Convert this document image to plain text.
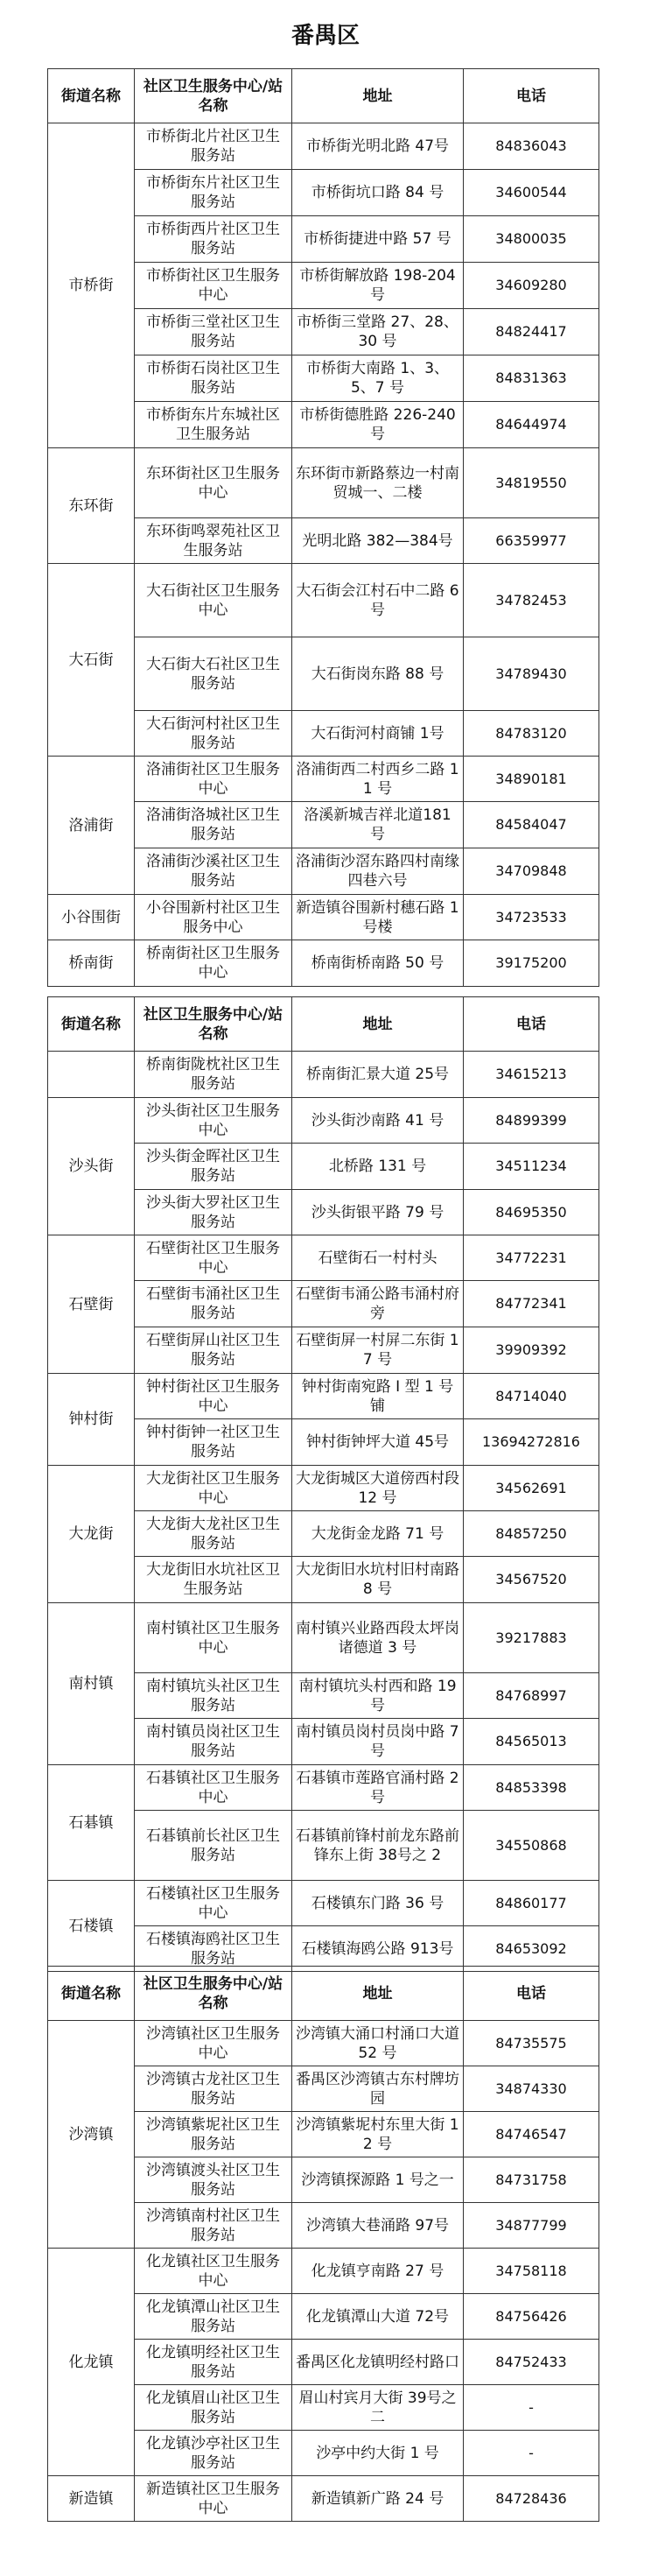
番禺区
街道名称	社区卫生服务中心/站名称	地址	电话
市桥街	市桥街北片社区卫生服务站	市桥街光明北路 47号	84836043
	市桥街东片社区卫生服务站	市桥街坑口路 84 号	34600544
	市桥街西片社区卫生服务站	市桥街捷进中路 57 号	34800035
	市桥街社区卫生服务中心	市桥街解放路 198-204 号	34609280
	市桥街三堂社区卫生服务站	市桥街三堂路 27、28、30 号	84824417
	市桥街石岗社区卫生服务站	市桥街大南路 1、3、5、7 号	84831363
	市桥街东片东城社区卫生服务站	市桥街德胜路 226-240 号	84644974
东环街	东环街社区卫生服务中心	东环街市新路蔡边一村南贸城一、二楼	34819550
	东环街鸣翠苑社区卫生服务站	光明北路 382—384号	66359977
大石街	大石街社区卫生服务中心	大石街会江村石中二路 6 号	34782453
	大石街大石社区卫生服务站	大石街岗东路 88 号	34789430
	大石街河村社区卫生服务站	大石街河村商铺 1号	84783120
洛浦街	洛浦街社区卫生服务中心	洛浦街西二村西乡二路 11 号	34890181
	洛浦街洛城社区卫生服务站	洛溪新城吉祥北道181 号	84584047
	洛浦街沙溪社区卫生服务站	洛浦街沙滘东路四村南缘四巷六号	34709848
小谷围街	小谷围新村社区卫生服务中心	新造镇谷围新村穗石路 1 号楼	34723533
桥南街	桥南街社区卫生服务中心	桥南街桥南路 50 号	39175200
街道名称	社区卫生服务中心/站名称	地址	电话
	桥南街陇枕社区卫生服务站	桥南街汇景大道 25号	34615213
沙头街	沙头街社区卫生服务中心	沙头街沙南路 41 号	84899399
	沙头街金晖社区卫生服务站	北桥路 131 号	34511234
	沙头街大罗社区卫生服务站	沙头街银平路 79 号	84695350
石壁街	石壁街社区卫生服务中心	石壁街石一村村头	34772231
	石壁街韦涌社区卫生服务站	石壁街韦涌公路韦涌村府旁	84772341
	石壁街屏山社区卫生服务站	石壁街屏一村屏二东街 17 号	39909392
钟村街	钟村街社区卫生服务中心	钟村街南宛路 I 型 1 号铺	84714040
	钟村街钟一社区卫生服务站	钟村街钟坪大道 45号	13694272816
大龙街	大龙街社区卫生服务中心	大龙街城区大道傍西村段 12 号	34562691
	大龙街大龙社区卫生服务站	大龙街金龙路 71 号	84857250
	大龙街旧水坑社区卫生服务站	大龙街旧水坑村旧村南路 8 号	34567520
南村镇	南村镇社区卫生服务中心	南村镇兴业路西段太坪岗诸德道 3 号	39217883
	南村镇坑头社区卫生服务站	南村镇坑头村西和路 19 号	84768997
	南村镇员岗社区卫生服务站	南村镇员岗村员岗中路 7 号	84565013
石碁镇	石碁镇社区卫生服务中心	石碁镇市莲路官涌村路 2 号	84853398
	石碁镇前长社区卫生服务站	石碁镇前锋村前龙东路前锋东上街 38号之 2	34550868
石楼镇	石楼镇社区卫生服务中心	石楼镇东门路 36 号	84860177
	石楼镇海鸥社区卫生服务站	石楼镇海鸥公路 913号	84653092
街道名称	社区卫生服务中心/站名称	地址	电话
沙湾镇	沙湾镇社区卫生服务中心	沙湾镇大涌口村涌口大道 52 号	84735575
	沙湾镇古龙社区卫生服务站	番禺区沙湾镇古东村牌坊园	34874330
	沙湾镇紫坭社区卫生服务站	沙湾镇紫坭村东里大街 12 号	84746547
	沙湾镇渡头社区卫生服务站	沙湾镇探源路 1 号之一	84731758
	沙湾镇南村社区卫生服务站	沙湾镇大巷涌路 97号	34877799
化龙镇	化龙镇社区卫生服务中心	化龙镇亨南路 27 号	34758118
	化龙镇潭山社区卫生服务站	化龙镇潭山大道 72号	84756426
	化龙镇明经社区卫生服务站	番禺区化龙镇明经村路口	84752433
	化龙镇眉山社区卫生服务站	眉山村宾月大街 39号之二	-
	化龙镇沙亭社区卫生服务站	沙亭中约大街 1 号	-
新造镇	新造镇社区卫生服务中心	新造镇新广路 24 号	84728436
